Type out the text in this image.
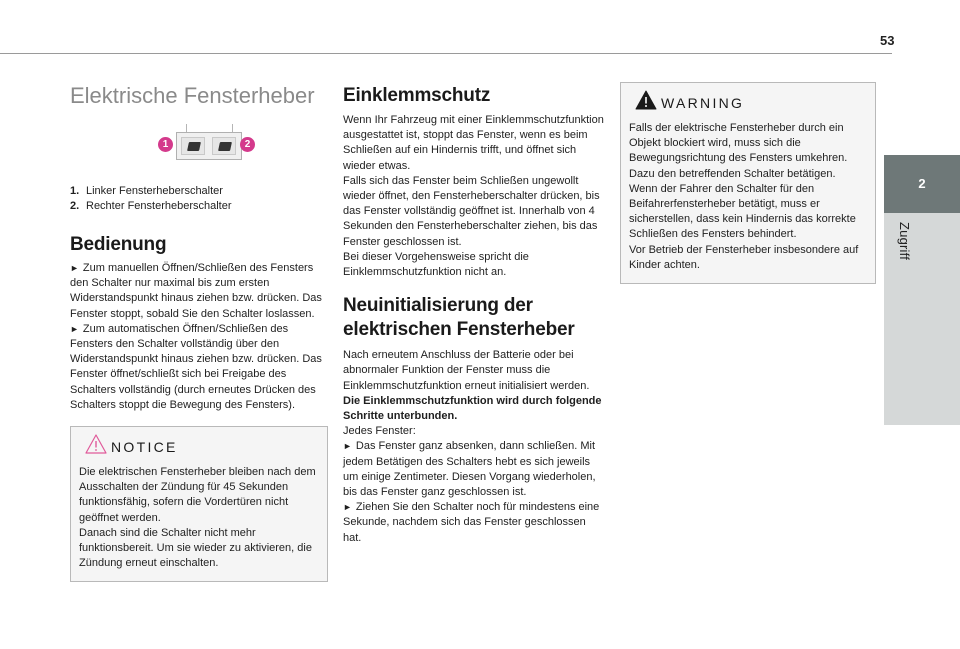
53
2
Zugriff
Elektrische Fensterheber
1	2
1. Linker Fensterheberschalter
2. Rechter Fensterheberschalter
Bedienung
► Zum manuellen Öffnen/Schließen des Fensters den Schalter nur maximal bis zum ersten Widerstandspunkt hinaus ziehen bzw. drücken. Das Fenster stoppt, sobald Sie den Schalter loslassen.
► Zum automatischen Öffnen/Schließen des Fensters den Schalter vollständig über den Widerstandspunkt hinaus ziehen bzw. drücken. Das Fenster öffnet/schließt sich bei Freigabe des Schalters vollständig (durch erneutes Drücken des Schalters stoppt die Bewegung des Fensters).
NOTICE
Die elektrischen Fensterheber bleiben nach dem Ausschalten der Zündung für 45 Sekunden funktionsfähig, sofern die Vordertüren nicht geöffnet werden.
Danach sind die Schalter nicht mehr funktionsbereit. Um sie wieder zu aktivieren, die Zündung erneut einschalten.
Einklemmschutz
Wenn Ihr Fahrzeug mit einer Einklemmschutzfunktion ausgestattet ist, stoppt das Fenster, wenn es beim Schließen auf ein Hindernis trifft, und öffnet sich wieder etwas.
Falls sich das Fenster beim Schließen ungewollt wieder öffnet, den Fensterheberschalter drücken, bis das Fenster vollständig geöffnet ist. Innerhalb von 4 Sekunden den Fensterheberschalter ziehen, bis das Fenster geschlossen ist.
Bei dieser Vorgehensweise spricht die Einklemmschutzfunktion nicht an.
Neuinitialisierung der
elektrischen Fensterheber
Nach erneutem Anschluss der Batterie oder bei abnormaler Funktion der Fenster muss die Einklemmschutzfunktion erneut initialisiert werden.
Die Einklemmschutzfunktion wird durch folgende Schritte unterbunden.
Jedes Fenster:
► Das Fenster ganz absenken, dann schließen. Mit jedem Betätigen des Schalters hebt es sich jeweils um einige Zentimeter. Diesen Vorgang wiederholen, bis das Fenster ganz geschlossen ist.
► Ziehen Sie den Schalter noch für mindestens eine Sekunde, nachdem sich das Fenster geschlossen hat.
WARNING
Falls der elektrische Fensterheber durch ein Objekt blockiert wird, muss sich die Bewegungsrichtung des Fensters umkehren. Dazu den betreffenden Schalter betätigen.
Wenn der Fahrer den Schalter für den Beifahrerfensterheber betätigt, muss er sicherstellen, dass kein Hindernis das korrekte Schließen des Fensters behindert.
Vor Betrieb der Fensterheber insbesondere auf Kinder achten.
